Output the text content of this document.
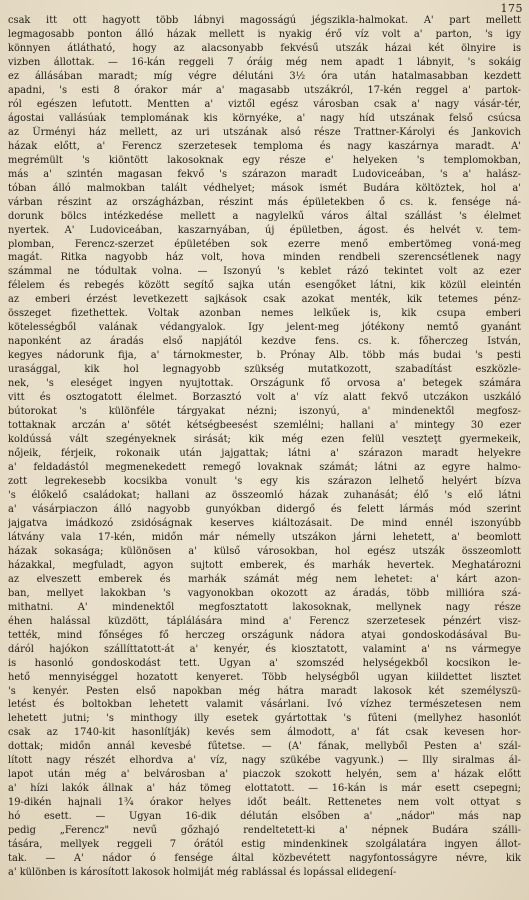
175
csak itt ott hagyott több lábnyi magosságú jégszikla-halmokat. A' part mellett
legmagosabb ponton álló házak mellett is nyakig érő víz volt a' parton, 's igy
könnyen átlátható, hogy az alacsonyabb fekvésű utszák házai két ölnyire is
vizben állottak. — 16-kán reggeli 7 óráig még nem apadt 1 lábnyit, 's sokáig
ez állásában maradt; míg végre délutáni 3½ óra után hatalmasabban kezdett
apadni, 's esti 8 órakor már a' magasabb utszákról, 17-kén reggel a' partok-
ról egészen lefutott. Mentten a' viztől egész városban csak a' nagy vásár-tér,
ágostai vallásúak templomának kis környéke, a' nagy híd utszának felső csúcsa
az Ürményi ház mellett, az uri utszának alsó része Trattner-Károlyi és Jankovich
házak előtt, a' Ferencz szerzetesek temploma és nagy kaszárnya maradt. A'
megrémült 's kiöntött lakosoknak egy része e' helyeken 's templomokban,
más a' szintén magasan fekvő 's szárazon maradt Ludoviceában, 's a' halász-
tóban álló malmokban talált védhelyet; mások ismét Budára költöztek, hol a'
várban részint az országházban, részint más épületekben ő cs. k. fensége ná-
dorunk bölcs intézkedése mellett a nagylelkű város által szállást 's élelmet
nyertek. A' Ludoviceában, kaszarnyában, új épületben, ágost. és helvét v. tem-
plomban, Ferencz-szerzet épületében sok ezerre menő embertömeg voná-meg
magát. Ritka nagyobb ház volt, hova minden rendbeli szerencsétlenek nagy
számmal ne tódultak volna. — Iszonyú 's keblet rázó tekintet volt az ezer
félelem és rebegés között segítő sajka után esengőket látni, kik közül eleintén
az emberi érzést levetkezett sajkások csak azokat menték, kik tetemes pénz-
összeget fizethettek. Voltak azonban nemes lelkűek is, kik csupa emberi
kötelességből valának védangyalok. Igy jelent-meg jótékony nemtő gyanánt
naponként az áradás első napjától kezdve fens. cs. k. főherczeg István,
kegyes nádorunk fija, a' tárnokmester, b. Prónay Alb. több más budai 's pesti
urasággal, kik hol legnagyobb szükség mutatkozott, szabadítást eszközle-
nek, 's eleséget ingyen nyujtottak. Országunk fő orvosa a' betegek számára
vitt és osztogatott élelmet. Borzasztó volt a' víz alatt fekvő utczákon uszkáló
bútorokat 's különféle tárgyakat nézni; iszonyú, a' mindenektől megfosz-
tottaknak arczán a' sötét kétségbeesést szemlélni; hallani a' mintegy 30 ezer
koldússá vált szegényeknek sirását; kik még ezen felül veszteţt gyermekeik,
nőjeik, férjeik, rokonaik után jajgattak; látni a' szárazon maradt helyekre
a' feldadástól megmenekedett remegő lovaknak számát; látni az egyre halmo-
zott legrekesebb kocsikba vonult 's egy kis szárazon lelhető helyért bízva
's élőkelő családokat; hallani az összeomló házak zuhanását; élő 's elő látni
a' vásárpiaczon álló nagyobb gunyókban didergő és felett lármás mód szerint
jajgatva imádkozó zsidóságnak keserves kiáltozásait. De mind ennél iszonyúbb
látvány vala 17-kén, midőn már némelly utszákon járni lehetett, a' beomlott
házak sokasága; különösen a' külső városokban, hol egész utszák összeomlott
házakkal, megfuladt, agyon sujtott emberek, és marhák hevertek. Meghatározni
az elveszett emberek és marhák számát még nem lehetet: a' kárt azon-
ban, mellyet lakokban 's vagyonokban okozott az áradás, több millióra szá-
mithatni. A' mindenektől megfosztatott lakosoknak, mellynek nagy része
éhen halással küzdött, táplálására mind a' Ferencz szerzetesek pénzért visz-
tették, mind főnséges fő herczeg országunk nádora atyai gondoskodásával Bu-
dáról hajókon szállíttatott-át a' kenyér, és kiosztatott, valamint a' ns vármegye
is hasonló gondoskodást tett. Ugyan a' szomszéd helységekből kocsikon le-
hető mennyiséggel hozatott kenyeret. Több helységből ugyan kiildettet lisztet
's kenyér. Pesten első napokban még hátra maradt lakosok két személyszü-
letést és boltokban lehetett valamit vásárlani. Ivó vízhez természetesen nem
lehetett jutni; 's minthogy illy esetek gyártottak 's fűteni (mellyhez hasonlót
csak az 1740-kit hasonlítják) kevés sem álmodott, a' fát csak kevesen hor-
dottak; midőn annál kevesbé fűtetse. — (A' fának, mellyből Pesten a' szál-
lított nagy részét elhordva a' víz, nagy szükébe vagyunk.) — Illy siralmas ál-
lapot után még a' belvárosban a' piaczok szokott helyén, sem a' házak előtt
a' hízi lakók állnak a' ház tömeg elottatott. — 16-kán is már esett csepegni;
19-dikén hajnali 1¾ órakor helyes időt beált. Rettenetes nem volt ottyat s
hó esett. — Ugyan 16-dik délután elsőben a' „nádor" más nap
pedig „Ferencz" nevű gőzhajó rendeltetett-ki a' népnek Budára szálli-
tására, mellyek reggeli 7 órától estig mindenkinek szolgálatára ingyen állot-
tak. — A' nádor ó fensége által közbevétett nagyfontosságyre névre, kik
a' különben is károsított lakosok holmiját még rablással és lopással elidegení-
